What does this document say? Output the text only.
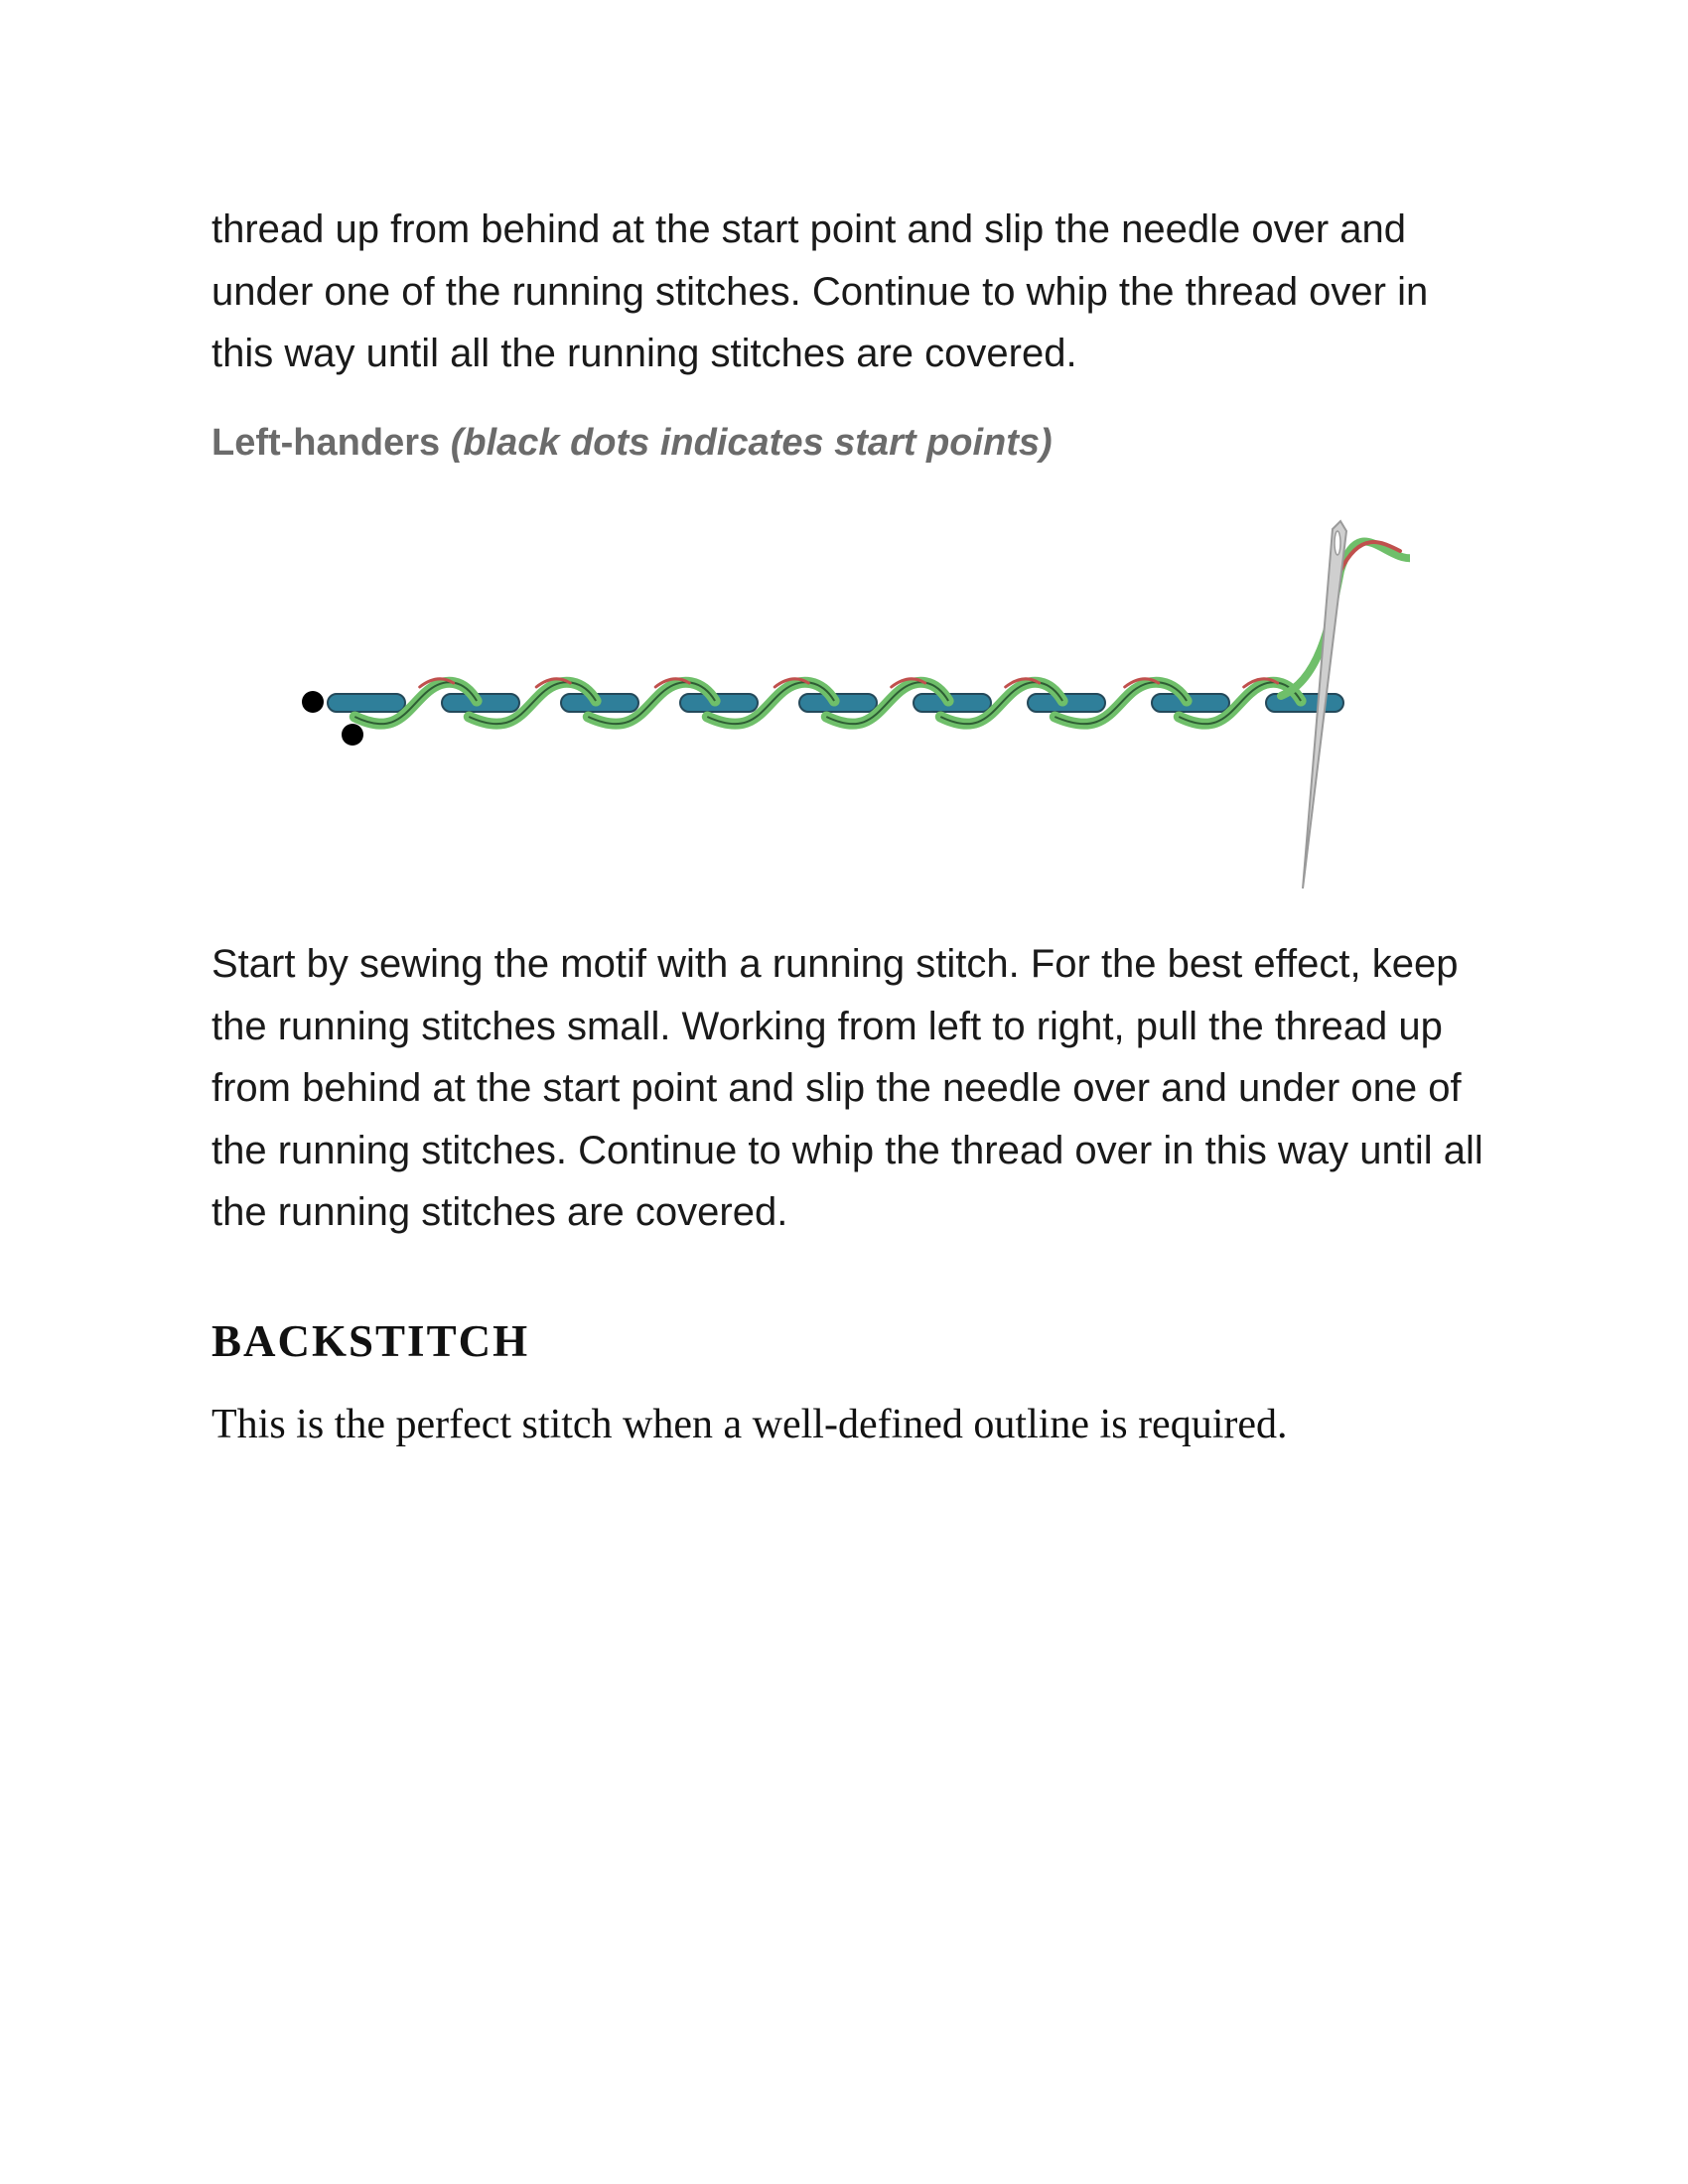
thread up from behind at the start point and slip the needle over and under one of the running stitches. Continue to whip the thread over in this way until all the running stitches are covered.

Left-handers (black dots indicates start points)

Start by sewing the motif with a running stitch. For the best effect, keep the running stitches small. Working from left to right, pull the thread up from behind at the start point and slip the needle over and under one of the running stitches. Continue to whip the thread over in this way until all the running stitches are covered.

BACKSTITCH

This is the perfect stitch when a well-defined outline is required.
